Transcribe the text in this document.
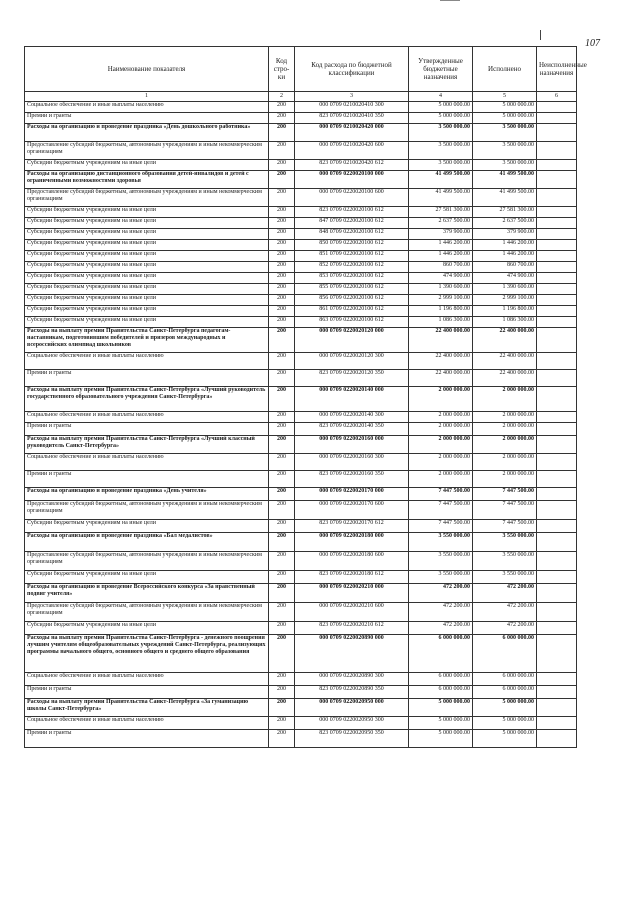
107
Наименование показателя	Код стро-ки	Код расхода по бюджетной классификации	Утвержденные бюджетные назначения	Исполнено	Неисполненные назначения
1	2	3	4	5	6
Социальное обеспечение и иные выплаты населению	200	000 0709 0210020410 300	5 000 000.00	5 000 000.00	
Премии и гранты	200	823 0709 0210020410 350	5 000 000.00	5 000 000.00	
Расходы на организацию и проведение праздника «День дошкольного работника»	200	000 0709 0210020420 000	3 500 000.00	3 500 000.00	
Предоставление субсидий бюджетным, автономным учреждениям и иным некоммерческим организациям	200	000 0709 0210020420 600	3 500 000.00	3 500 000.00	
Субсидии бюджетным учреждениям на иные цели	200	823 0709 0210020420 612	3 500 000.00	3 500 000.00	
Расходы на организацию дистанционного образования детей-инвалидов и детей с ограниченными возможностями здоровья	200	000 0709 0220020100 000	41 499 500.00	41 499 500.00	
Предоставление субсидий бюджетным, автономным учреждениям и иным некоммерческим организациям	200	000 0709 0220020100 600	41 499 500.00	41 499 500.00	
Субсидии бюджетным учреждениям на иные цели	200	823 0709 0220020100 612	27 581 300.00	27 581 300.00	
Субсидии бюджетным учреждениям на иные цели	200	847 0709 0220020100 612	2 637 500.00	2 637 500.00	
Субсидии бюджетным учреждениям на иные цели	200	848 0709 0220020100 612	379 900.00	379 900.00	
Субсидии бюджетным учреждениям на иные цели	200	850 0709 0220020100 612	1 446 200.00	1 446 200.00	
Субсидии бюджетным учреждениям на иные цели	200	851 0709 0220020100 612	1 446 200.00	1 446 200.00	
Субсидии бюджетным учреждениям на иные цели	200	852 0709 0220020100 612	860 700.00	860 700.00	
Субсидии бюджетным учреждениям на иные цели	200	853 0709 0220020100 612	474 900.00	474 900.00	
Субсидии бюджетным учреждениям на иные цели	200	855 0709 0220020100 612	1 390 600.00	1 390 600.00	
Субсидии бюджетным учреждениям на иные цели	200	856 0709 0220020100 612	2 999 100.00	2 999 100.00	
Субсидии бюджетным учреждениям на иные цели	200	861 0709 0220020100 612	1 196 800.00	1 196 800.00	
Субсидии бюджетным учреждениям на иные цели	200	863 0709 0220020100 612	1 086 300.00	1 086 300.00	
Расходы на выплату премии Правительства Санкт-Петербурга педагогам-наставникам, подготовившим победителей и призеров международных и всероссийских олимпиад школьников	200	000 0709 0220020120 000	22 400 000.00	22 400 000.00	
Социальное обеспечение и иные выплаты населению	200	000 0709 0220020120 300	22 400 000.00	22 400 000.00	
Премии и гранты	200	823 0709 0220020120 350	22 400 000.00	22 400 000.00	
Расходы на выплату премии Правительства Санкт-Петербурга «Лучший руководитель государственного образовательного учреждения Санкт-Петербурга»	200	000 0709 0220020140 000	2 000 000.00	2 000 000.00	
Социальное обеспечение и иные выплаты населению	200	000 0709 0220020140 300	2 000 000.00	2 000 000.00	
Премии и гранты	200	823 0709 0220020140 350	2 000 000.00	2 000 000.00	
Расходы на выплату премии Правительства Санкт-Петербурга «Лучший классный руководитель Санкт-Петербурга»	200	000 0709 0220020160 000	2 000 000.00	2 000 000.00	
Социальное обеспечение и иные выплаты населению	200	000 0709 0220020160 300	2 000 000.00	2 000 000.00	
Премии и гранты	200	823 0709 0220020160 350	2 000 000.00	2 000 000.00	
Расходы на организацию и проведение праздника «День учителя»	200	000 0709 0220020170 000	7 447 500.00	7 447 500.00	
Предоставление субсидий бюджетным, автономным учреждениям и иным некоммерческим организациям	200	000 0709 0220020170 600	7 447 500.00	7 447 500.00	
Субсидии бюджетным учреждениям на иные цели	200	823 0709 0220020170 612	7 447 500.00	7 447 500.00	
Расходы на организацию и проведение праздника «Бал медалистов»	200	000 0709 0220020180 000	3 550 000.00	3 550 000.00	
Предоставление субсидий бюджетным, автономным учреждениям и иным некоммерческим организациям	200	000 0709 0220020180 600	3 550 000.00	3 550 000.00	
Субсидии бюджетным учреждениям на иные цели	200	823 0709 0220020180 612	3 550 000.00	3 550 000.00	
Расходы на организацию и проведение Всероссийского конкурса «За нравственный подвиг учителя»	200	000 0709 0220020210 000	472 200.00	472 200.00	
Предоставление субсидий бюджетным, автономным учреждениям и иным некоммерческим организациям	200	000 0709 0220020210 600	472 200.00	472 200.00	
Субсидии бюджетным учреждениям на иные цели	200	823 0709 0220020210 612	472 200.00	472 200.00	
Расходы на выплату премии Правительства Санкт-Петербурга - денежного поощрения лучшим учителям общеобразовательных учреждений Санкт-Петербурга, реализующих программы начального общего, основного общего и среднего общего образования	200	000 0709 0220020890 000	6 000 000.00	6 000 000.00	
Социальное обеспечение и иные выплаты населению	200	000 0709 0220020890 300	6 000 000.00	6 000 000.00	
Премии и гранты	200	823 0709 0220020890 350	6 000 000.00	6 000 000.00	
Расходы на выплату премии Правительства Санкт-Петербурга «За гуманизацию школы Санкт-Петербурга»	200	000 0709 0220020950 000	5 000 000.00	5 000 000.00	
Социальное обеспечение и иные выплаты населению	200	000 0709 0220020950 300	5 000 000.00	5 000 000.00	
Премии и гранты	200	823 0709 0220020950 350	5 000 000.00	5 000 000.00	
